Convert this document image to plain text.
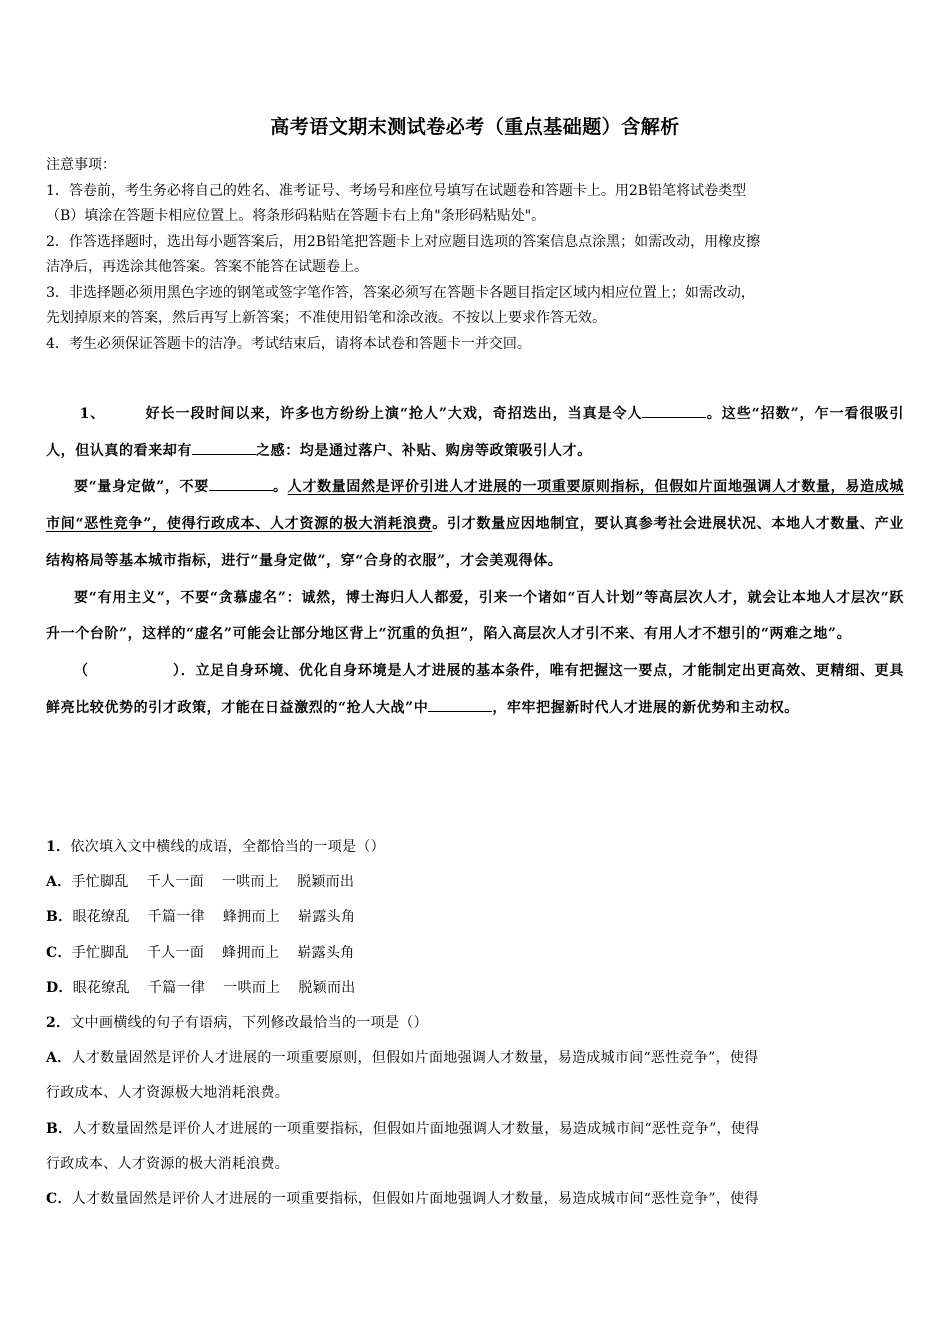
高考语文期末测试卷必考（重点基础题）含解析

注意事项：

1．答卷前，考生务必将自己的姓名、准考证号、考场号和座位号填写在试题卷和答题卡上。用2B铅笔将试卷类型

（B）填涂在答题卡相应位置上。将条形码粘贴在答题卡右上角"条形码粘贴处"。

2．作答选择题时，选出每小题答案后，用2B铅笔把答题卡上对应题目选项的答案信息点涂黑；如需改动，用橡皮擦

洁净后，再选涂其他答案。答案不能答在试题卷上。

3．非选择题必须用黑色字迹的钢笔或签字笔作答，答案必须写在答题卡各题目指定区域内相应位置上；如需改动，

先划掉原来的答案，然后再写上新答案；不准使用铅笔和涂改液。不按以上要求作答无效。

4．考生必须保证答题卡的洁净。考试结束后，请将本试卷和答题卡一并交回。

1、	好长一段时间以来，许多也方纷纷上演“抢人”大戏，奇招迭出，当真是令人	。这些“招数”，乍一看很吸引人，但认真的看来却有	之感：均是通过落户、补贴、购房等政策吸引人才。

要“量身定做”，不要	。人才数量固然是评价引进人才进展的一项重要原则指标，但假如片面地强调人才数量，易造成城市间“恶性竞争”，使得行政成本、人才资源的极大消耗浪费。引才数量应因地制宜，要认真参考社会进展状况、本地人才数量、产业结构格局等基本城市指标，进行“量身定做”，穿“合身的衣服”，才会美观得体。

要“有用主义”，不要“贪慕虚名”：诚然，博士海归人人都爱，引来一个诸如“百人计划”等高层次人才，就会让本地人才层次“跃升一个台阶”，这样的“虚名”可能会让部分地区背上“沉重的负担”，陷入高层次人才引不来、有用人才不想引的“两难之地”。

（	）．立足自身环境、优化自身环境是人才进展的基本条件，唯有把握这一要点，才能制定出更高效、更精细、更具鲜亮比较优势的引才政策，才能在日益激烈的“抢人大战”中	，牢牢把握新时代人才进展的新优势和主动权。

1．依次填入文中横线的成语，全都恰当的一项是（）

A．手忙脚乱 千人一面 一哄而上 脱颖而出

B．眼花缭乱 千篇一律 蜂拥而上 崭露头角

C．手忙脚乱 千人一面 蜂拥而上 崭露头角

D．眼花缭乱 千篇一律 一哄而上 脱颖而出

2．文中画横线的句子有语病，下列修改最恰当的一项是（）

A．人才数量固然是评价人才进展的一项重要原则，但假如片面地强调人才数量，易造成城市间“恶性竞争”，使得

行政成本、人才资源极大地消耗浪费。

B．人才数量固然是评价人才进展的一项重要指标，但假如片面地强调人才数量，易造成城市间“恶性竞争”，使得

行政成本、人才资源的极大消耗浪费。

C．人才数量固然是评价人才进展的一项重要指标，但假如片面地强调人才数量，易造成城市间“恶性竞争”，使得
